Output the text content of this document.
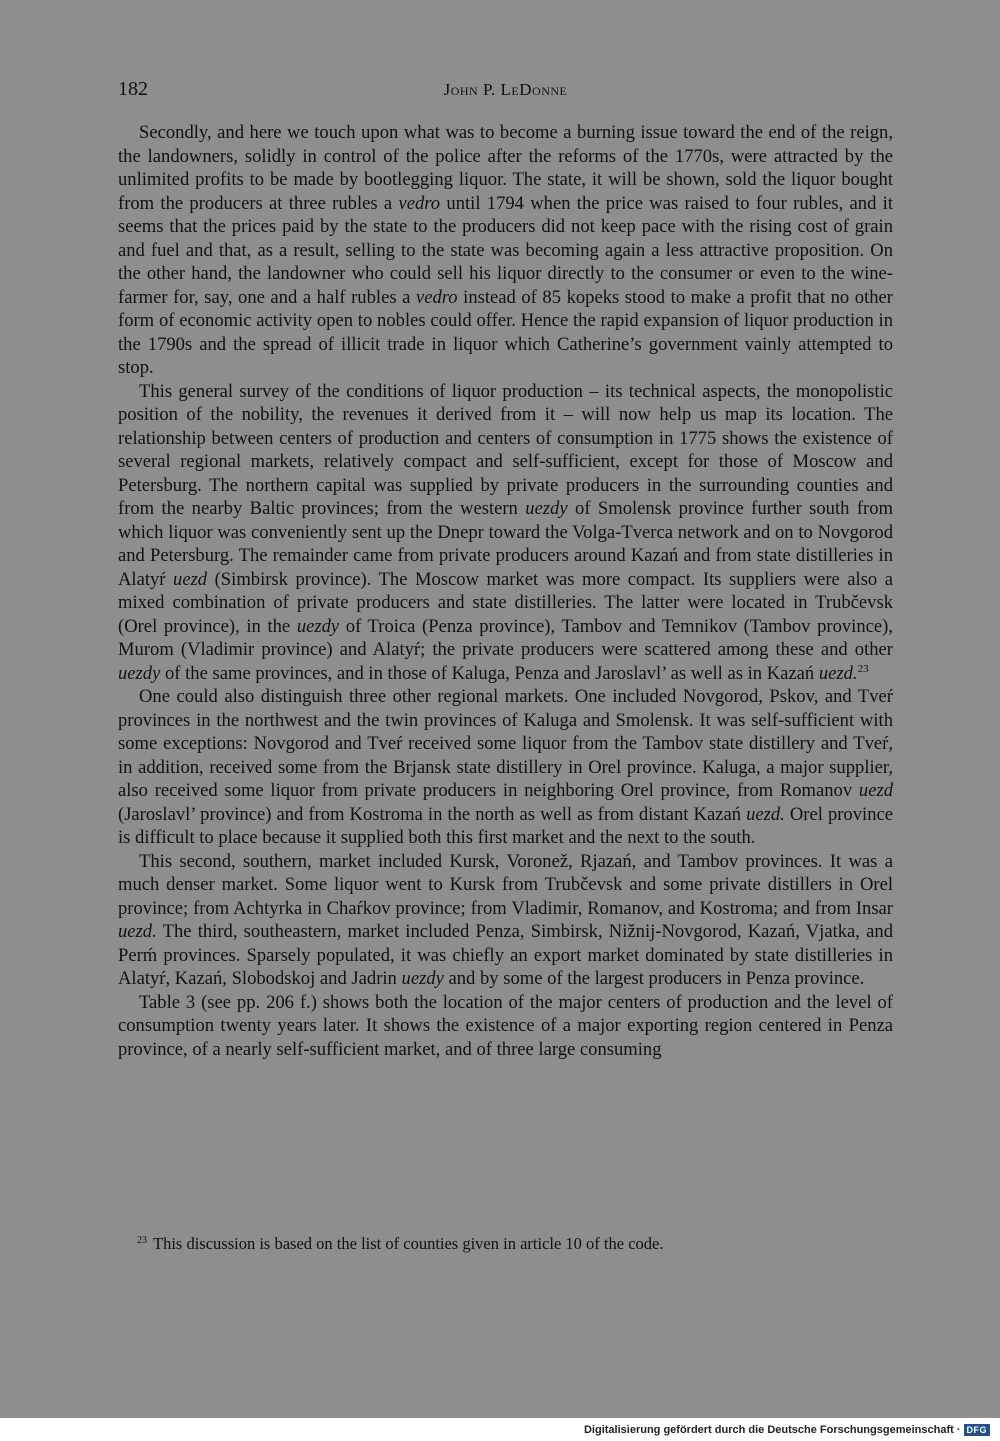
182	John P. LeDonne

Secondly, and here we touch upon what was to become a burning issue toward the end of the reign, the landowners, solidly in control of the police after the reforms of the 1770s, were attracted by the unlimited profits to be made by bootlegging liquor. The state, it will be shown, sold the liquor bought from the producers at three rubles a vedro until 1794 when the price was raised to four rubles, and it seems that the prices paid by the state to the producers did not keep pace with the rising cost of grain and fuel and that, as a result, selling to the state was becoming again a less attractive proposition. On the other hand, the landowner who could sell his liquor directly to the consumer or even to the wine-farmer for, say, one and a half rubles a vedro instead of 85 kopeks stood to make a profit that no other form of economic activity open to nobles could offer. Hence the rapid expansion of liquor production in the 1790s and the spread of illicit trade in liquor which Catherine’s government vainly attempted to stop.

This general survey of the conditions of liquor production – its technical aspects, the monopolistic position of the nobility, the revenues it derived from it – will now help us map its location. The relationship between centers of production and centers of consumption in 1775 shows the existence of several regional markets, relatively compact and self-sufficient, except for those of Moscow and Petersburg. The northern capital was supplied by private producers in the surrounding counties and from the nearby Baltic provinces; from the western uezdy of Smolensk province further south from which liquor was conveniently sent up the Dnepr toward the Volga-Tverca network and on to Novgorod and Petersburg. The remainder came from private producers around Kazań and from state distilleries in Alatyŕ uezd (Simbirsk province). The Moscow market was more compact. Its suppliers were also a mixed combination of private producers and state distilleries. The latter were located in Trubčevsk (Orel province), in the uezdy of Troica (Penza province), Tambov and Temnikov (Tambov province), Murom (Vladimir province) and Alatyŕ; the private producers were scattered among these and other uezdy of the same provinces, and in those of Kaluga, Penza and Jaroslavl’ as well as in Kazań uezd.$^{23}$

One could also distinguish three other regional markets. One included Novgorod, Pskov, and Tveŕ provinces in the northwest and the twin provinces of Kaluga and Smolensk. It was self-sufficient with some exceptions: Novgorod and Tveŕ received some liquor from the Tambov state distillery and Tveŕ, in addition, received some from the Brjansk state distillery in Orel province. Kaluga, a major supplier, also received some liquor from private producers in neighboring Orel province, from Romanov uezd (Jaroslavl’ province) and from Kostroma in the north as well as from distant Kazań uezd. Orel province is difficult to place because it supplied both this first market and the next to the south.

This second, southern, market included Kursk, Voronež, Rjazań, and Tambov provinces. It was a much denser market. Some liquor went to Kursk from Trubčevsk and some private distillers in Orel province; from Achtyrka in Chaŕkov province; from Vladimir, Romanov, and Kostroma; and from Insar uezd. The third, southeastern, market included Penza, Simbirsk, Nižnij-Novgorod, Kazań, Vjatka, and Perḿ provinces. Sparsely populated, it was chiefly an export market dominated by state distilleries in Alatyŕ, Kazań, Slobodskoj and Jadrin uezdy and by some of the largest producers in Penza province.

Table 3 (see pp. 206 f.) shows both the location of the major centers of production and the level of consumption twenty years later. It shows the existence of a major exporting region centered in Penza province, of a nearly self-sufficient market, and of three large consuming

$^{23}$ This discussion is based on the list of counties given in article 10 of the code.
Digitalisierung gefördert durch die Deutsche Forschungsgemeinschaft · DFG
